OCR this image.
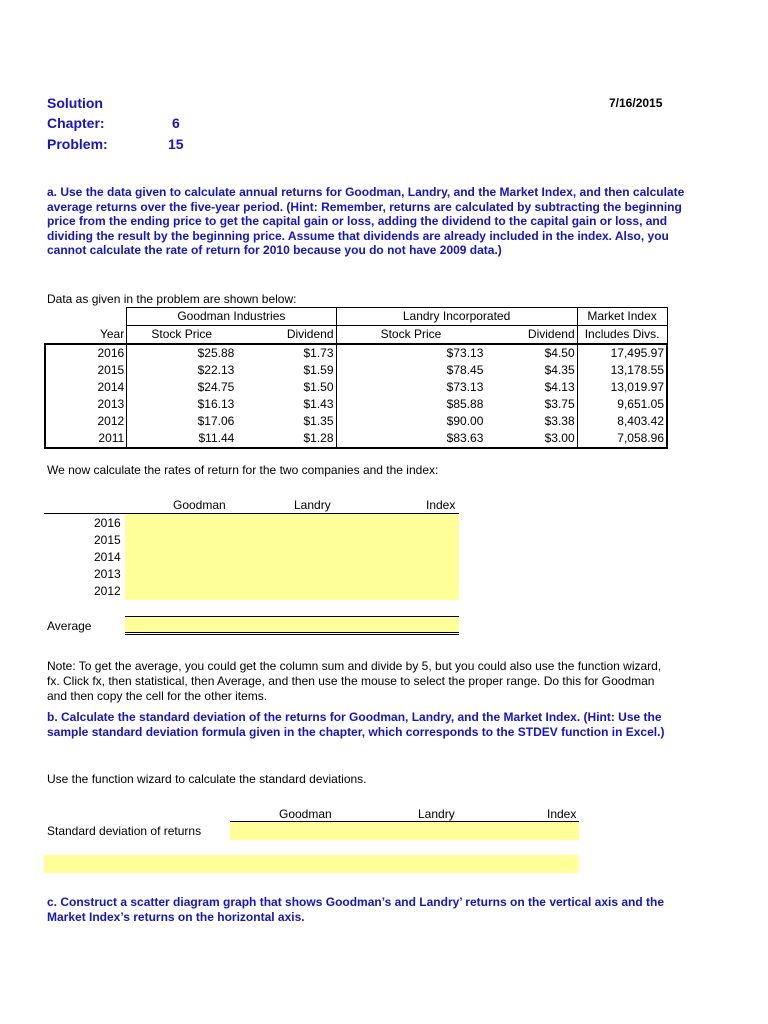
Solution
Chapter:	6
Problem:	15
7/16/2015
a. Use the data given to calculate annual returns for Goodman, Landry, and the Market Index, and then calculate average returns over the five-year period. (Hint: Remember, returns are calculated by subtracting the beginning price from the ending price to get the capital gain or loss, adding the dividend to the capital gain or loss, and dividing the result by the beginning price. Assume that dividends are already included in the index. Also, you cannot calculate the rate of return for 2010 because you do not have 2009 data.)
Data as given in the problem are shown below:
	Goodman Industries		Landry Incorporated		Market Index
Year	Stock Price	Dividend	Stock Price	Dividend	Includes Divs.
2016	$25.88	$1.73	$73.13	$4.50	17,495.97
2015	$22.13	$1.59	$78.45	$4.35	13,178.55
2014	$24.75	$1.50	$73.13	$4.13	13,019.97
2013	$16.13	$1.43	$85.88	$3.75	9,651.05
2012	$17.06	$1.35	$90.00	$3.38	8,403.42
2011	$11.44	$1.28	$83.63	$3.00	7,058.96
We now calculate the rates of return for the two companies and the index:
Goodman	Landry	Index
2016
2015
2014
2013
2012
Average
Note: To get the average, you could get the column sum and divide by 5, but you could also use the function wizard, fx. Click fx, then statistical, then Average, and then use the mouse to select the proper range. Do this for Goodman and then copy the cell for the other items.
b. Calculate the standard deviation of the returns for Goodman, Landry, and the Market Index. (Hint: Use the sample standard deviation formula given in the chapter, which corresponds to the STDEV function in Excel.)
Use the function wizard to calculate the standard deviations.
Goodman	Landry	Index
Standard deviation of returns
c. Construct a scatter diagram graph that shows Goodman’s and Landry’ returns on the vertical axis and the Market Index’s returns on the horizontal axis.
